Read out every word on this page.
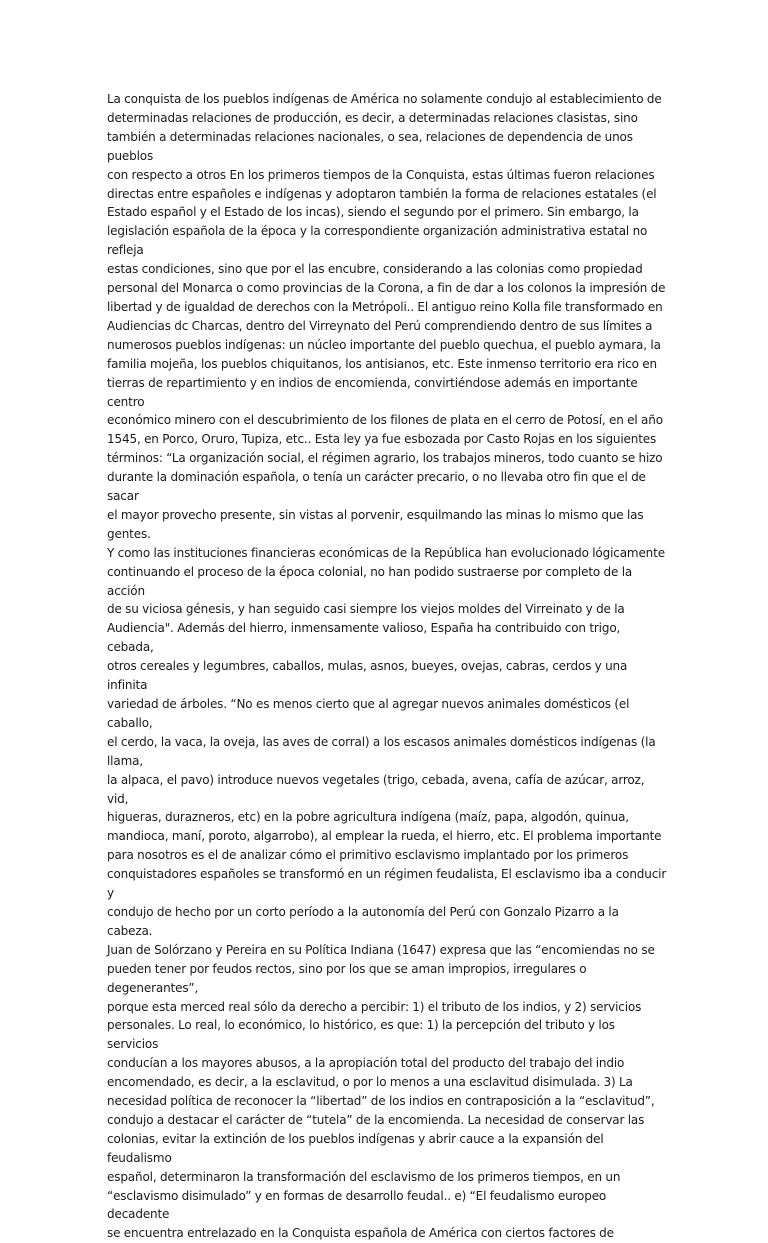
La conquista de los pueblos indígenas de América no solamente condujo al establecimiento de
determinadas relaciones de producción, es decir, a determinadas relaciones clasistas, sino
también a determinadas relaciones nacionales, o sea, relaciones de dependencia de unos pueblos
con respecto a otros En los primeros tiempos de la Conquista, estas últimas fueron relaciones
directas entre españoles e indígenas y adoptaron también la forma de relaciones estatales (el
Estado español y el Estado de los incas), siendo el segundo por el primero. Sin embargo, la
legislación española de la época y la correspondiente organización administrativa estatal no refleja
estas condiciones, sino que por el las encubre, considerando a las colonias como propiedad
personal del Monarca o como provincias de la Corona, a fin de dar a los colonos la impresión de
libertad y de igualdad de derechos con la Metrópoli.. El antiguo reino Kolla file transformado en
Audiencias dc Charcas, dentro del Virreynato del Perú comprendiendo dentro de sus límites a
numerosos pueblos indígenas: un núcleo importante del pueblo quechua, el pueblo aymara, la
familia mojeña, los pueblos chiquitanos, los antisianos, etc. Este inmenso territorio era rico en
tierras de repartimiento y en indios de encomienda, convirtiéndose además en importante centro
económico minero con el descubrimiento de los filones de plata en el cerro de Potosí, en el año
1545, en Porco, Oruro, Tupiza, etc.. Esta ley ya fue esbozada por Casto Rojas en los siguientes
términos: “La organización social, el régimen agrario, los trabajos mineros, todo cuanto se hizo
durante la dominación española, o tenía un carácter precario, o no llevaba otro fin que el de sacar
el mayor provecho presente, sin vistas al porvenir, esquilmando las minas lo mismo que las gentes.
Y como las instituciones financieras económicas de la República han evolucionado lógicamente
continuando el proceso de la época colonial, no han podido sustraerse por completo de la acción
de su viciosa génesis, y han seguido casi siempre los viejos moldes del Virreinato y de la
Audiencia". Además del hierro, inmensamente valioso, España ha contribuido con trigo, cebada,
otros cereales y legumbres, caballos, mulas, asnos, bueyes, ovejas, cabras, cerdos y una infinita
variedad de árboles. “No es menos cierto que al agregar nuevos animales domésticos (el caballo,
el cerdo, la vaca, la oveja, las aves de corral) a los escasos animales domésticos indígenas (la llama,
la alpaca, el pavo) introduce nuevos vegetales (trigo, cebada, avena, cafía de azúcar, arroz, vid,
higueras, durazneros, etc) en la pobre agricultura indígena (maíz, papa, algodón, quinua,
mandioca, maní, poroto, algarrobo), al emplear la rueda, el hierro, etc. El problema importante
para nosotros es el de analizar cómo el primitivo esclavismo implantado por los primeros
conquistadores españoles se transformó en un régimen feudalista, El esclavismo iba a conducir y
condujo de hecho por un corto período a la autonomía del Perú con Gonzalo Pizarro a la cabeza.
Juan de Solórzano y Pereira en su Política Indiana (1647) expresa que las “encomiendas no se
pueden tener por feudos rectos, sino por los que se aman impropios, irregulares o degenerantes”,
porque esta merced real sólo da derecho a percibir: 1) el tributo de los indios, y 2) servicios
personales. Lo real, lo económico, lo histórico, es que: 1) la percepción del tributo y los servicios
conducían a los mayores abusos, a la apropiación total del producto del trabajo del indio
encomendado, es decir, a la esclavitud, o por lo menos a una esclavitud disimulada. 3) La
necesidad política de reconocer la “libertad” de los indios en contraposición a la “esclavitud”,
condujo a destacar el carácter de “tutela” de la encomienda. La necesidad de conservar las
colonias, evitar la extinción de los pueblos indígenas y abrir cauce a la expansión del feudalismo
español, determinaron la transformación del esclavismo de los primeros tiempos, en un
“esclavismo disimulado” y en formas de desarrollo feudal.. e) “El feudalismo europeo decadente
se encuentra entrelazado en la Conquista española de América con ciertos factores de
